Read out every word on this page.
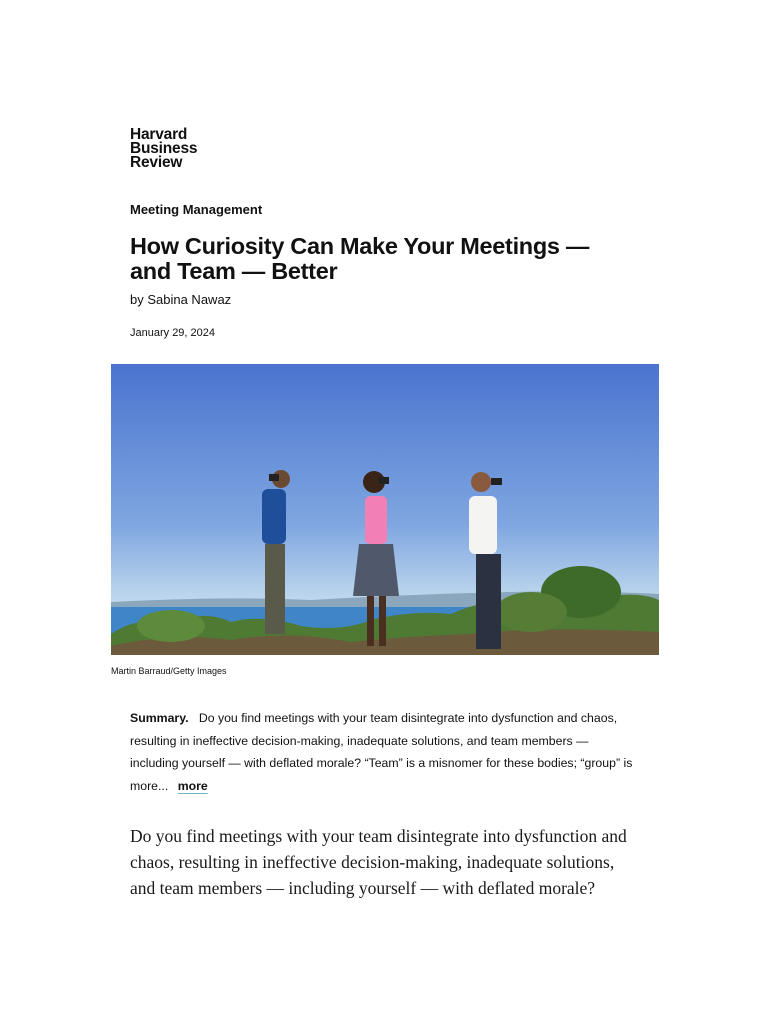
Harvard
Business
Review
Meeting Management
How Curiosity Can Make Your Meetings — and Team — Better
by Sabina Nawaz
January 29, 2024
Martin Barraud/Getty Images
Summary. Do you find meetings with your team disintegrate into dysfunction and chaos, resulting in ineffective decision-making, inadequate solutions, and team members — including yourself — with deflated morale? “Team” is a misnomer for these bodies; “group” is more... more

Do you find meetings with your team disintegrate into dysfunction and chaos, resulting in ineffective decision-making, inadequate solutions, and team members — including yourself — with deflated morale?
